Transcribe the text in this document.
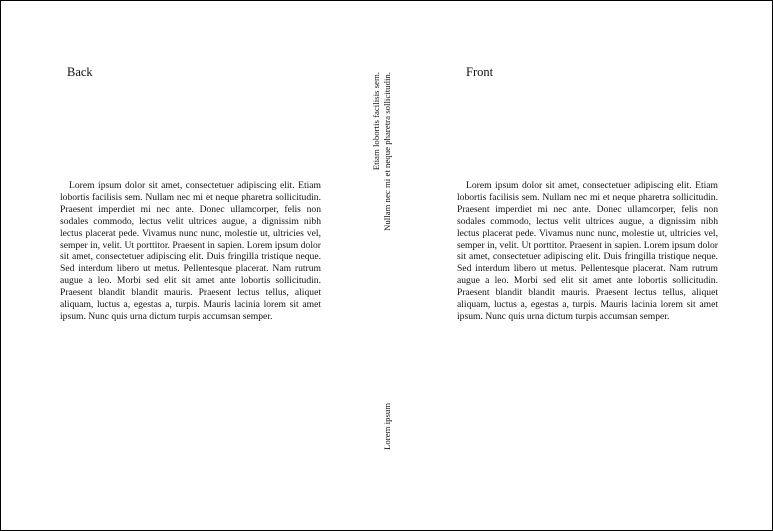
Back

Lorem ipsum dolor sit amet, consectetuer adipiscing elit. Etiam lobortis facilisis sem. Nullam nec mi et neque pharetra sollicitudin. Praesent imperdiet mi nec ante. Donec ullamcorper, felis non sodales commodo, lectus velit ultrices augue, a dignissim nibh lectus placerat pede. Vivamus nunc nunc, molestie ut, ultricies vel, semper in, velit. Ut porttitor. Praesent in sapien. Lorem ipsum dolor sit amet, consectetuer adipiscing elit. Duis fringilla tristique neque. Sed interdum libero ut metus. Pellentesque placerat. Nam rutrum augue a leo. Morbi sed elit sit amet ante lobortis sollicitudin. Praesent blandit blandit mauris. Praesent lectus tellus, aliquet aliquam, luctus a, egestas a, turpis. Mauris lacinia lorem sit amet ipsum. Nunc quis urna dictum turpis accumsan semper.

Etiam lobortis facilisis sem. Nullam nec mi et neque pharetra sollicitudin.
Lorem ipsum
Front

Lorem ipsum dolor sit amet, consectetuer adipiscing elit. Etiam lobortis facilisis sem. Nullam nec mi et neque pharetra sollicitudin. Praesent imperdiet mi nec ante. Donec ullamcorper, felis non sodales commodo, lectus velit ultrices augue, a dignissim nibh lectus placerat pede. Vivamus nunc nunc, molestie ut, ultricies vel, semper in, velit. Ut porttitor. Praesent in sapien. Lorem ipsum dolor sit amet, consectetuer adipiscing elit. Duis fringilla tristique neque. Sed interdum libero ut metus. Pellentesque placerat. Nam rutrum augue a leo. Morbi sed elit sit amet ante lobortis sollicitudin. Praesent blandit blandit mauris. Praesent lectus tellus, aliquet aliquam, luctus a, egestas a, turpis. Mauris lacinia lorem sit amet ipsum. Nunc quis urna dictum turpis accumsan semper.
